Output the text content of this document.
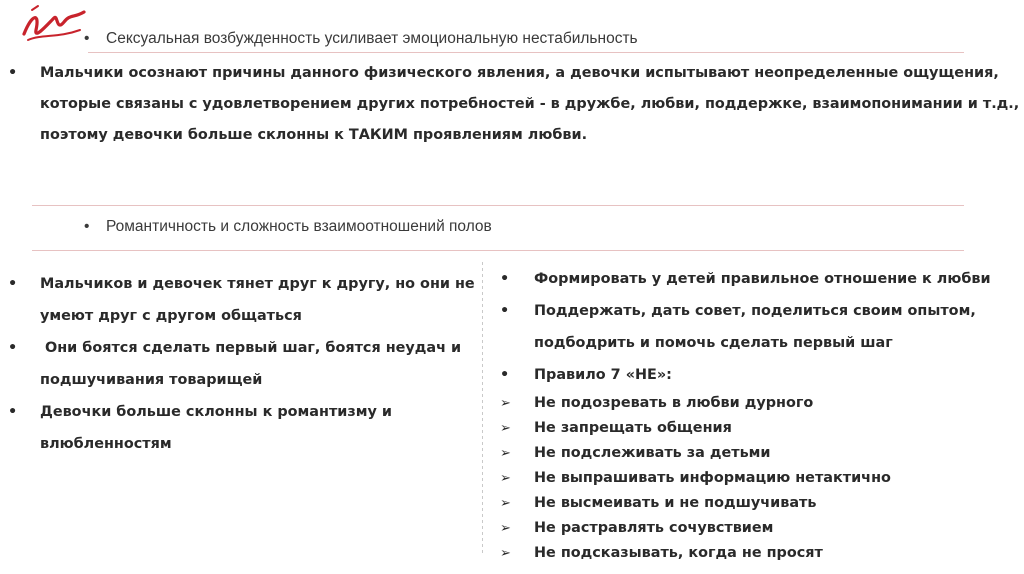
• Сексуальная возбужденность усиливает эмоциональную нестабильность
• Мальчики осознают причины данного физического явления, а девочки испытывают неопределенные ощущения,
которые связаны с удовлетворением других потребностей - в дружбе, любви, поддержке, взаимопонимании и т.д.,
поэтому девочки больше склонны к ТАКИМ проявлениям любви.
• Романтичность и сложность взаимоотношений полов
• Мальчиков и девочек тянет друг к другу, но они не
умеют друг с другом общаться
• Они боятся сделать первый шаг, боятся неудач и
подшучивания товарищей
• Девочки больше склонны к романтизму и
влюбленностям
• Формировать у детей правильное отношение к любви
• Поддержать, дать совет, поделиться своим опытом,
подбодрить и помочь сделать первый шаг
• Правило 7 «НЕ»:
➢ Не подозревать в любви дурного
➢ Не запрещать общения
➢ Не подслеживать за детьми
➢ Не выпрашивать информацию нетактично
➢ Не высмеивать и не подшучивать
➢ Не растравлять сочувствием
➢ Не подсказывать, когда не просят
